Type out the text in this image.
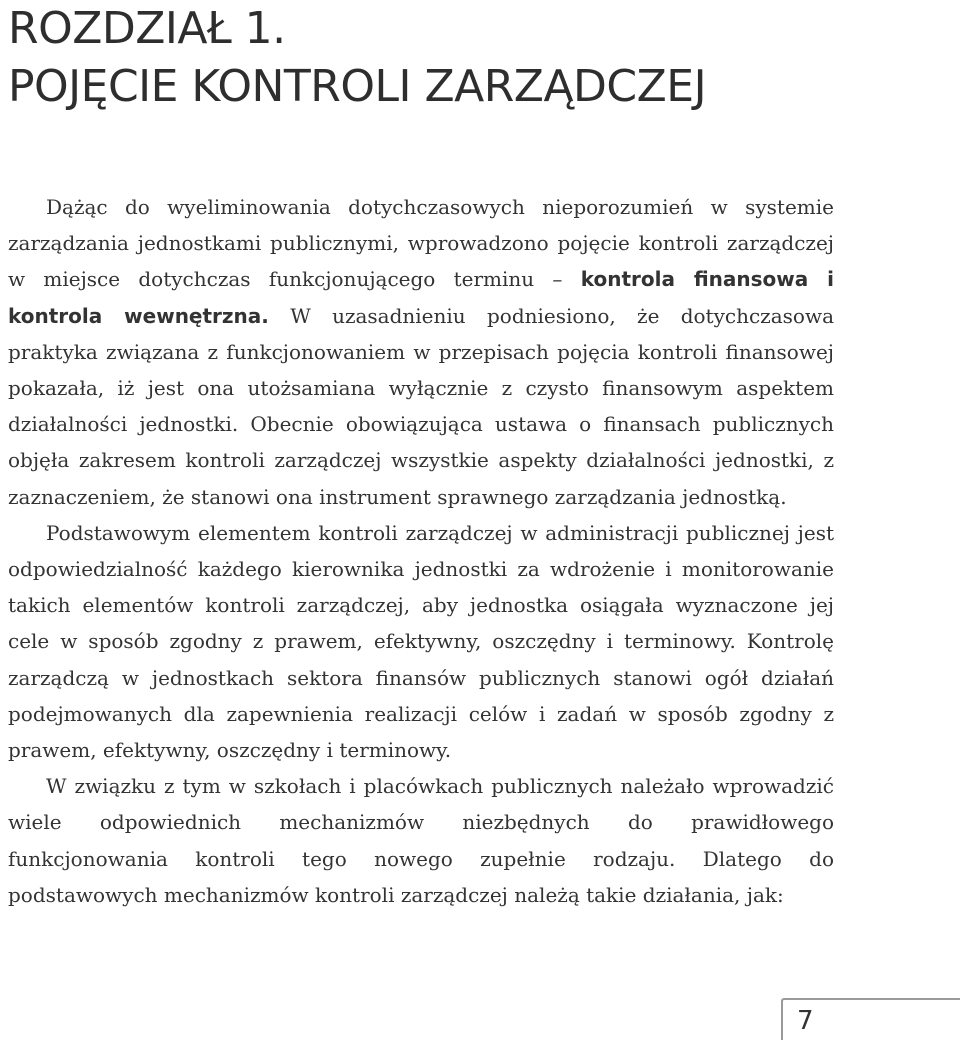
ROZDZIAŁ 1.
POJĘCIE KONTROLI ZARZĄDCZEJ

Dążąc do wyeliminowania dotychczasowych nieporozumień w systemie zarządzania jednostkami publicznymi, wprowadzono pojęcie kontroli zarządczej w miejsce dotychczas funkcjonującego terminu – kontrola finansowa i kontrola wewnętrzna. W uzasadnieniu podniesiono, że dotychczasowa praktyka związana z funkcjonowaniem w przepisach pojęcia kontroli finansowej pokazała, iż jest ona utożsamiana wyłącznie z czysto finansowym aspektem działalności jednostki. Obecnie obowiązująca ustawa o finansach publicznych objęła zakresem kontroli zarządczej wszystkie aspekty działalności jednostki, z zaznaczeniem, że stanowi ona instrument sprawnego zarządzania jednostką.

Podstawowym elementem kontroli zarządczej w administracji publicznej jest odpowiedzialność każdego kierownika jednostki za wdrożenie i monitorowanie takich elementów kontroli zarządczej, aby jednostka osiągała wyznaczone jej cele w sposób zgodny z prawem, efektywny, oszczędny i terminowy. Kontrolę zarządczą w jednostkach sektora finansów publicznych stanowi ogół działań podejmowanych dla zapewnienia realizacji celów i zadań w sposób zgodny z prawem, efektywny, oszczędny i terminowy.

W związku z tym w szkołach i placówkach publicznych należało wprowadzić wiele odpowiednich mechanizmów niezbędnych do prawidłowego funkcjonowania kontroli tego nowego zupełnie rodzaju. Dlatego do podstawowych mechanizmów kontroli zarządczej należą takie działania, jak:

7
